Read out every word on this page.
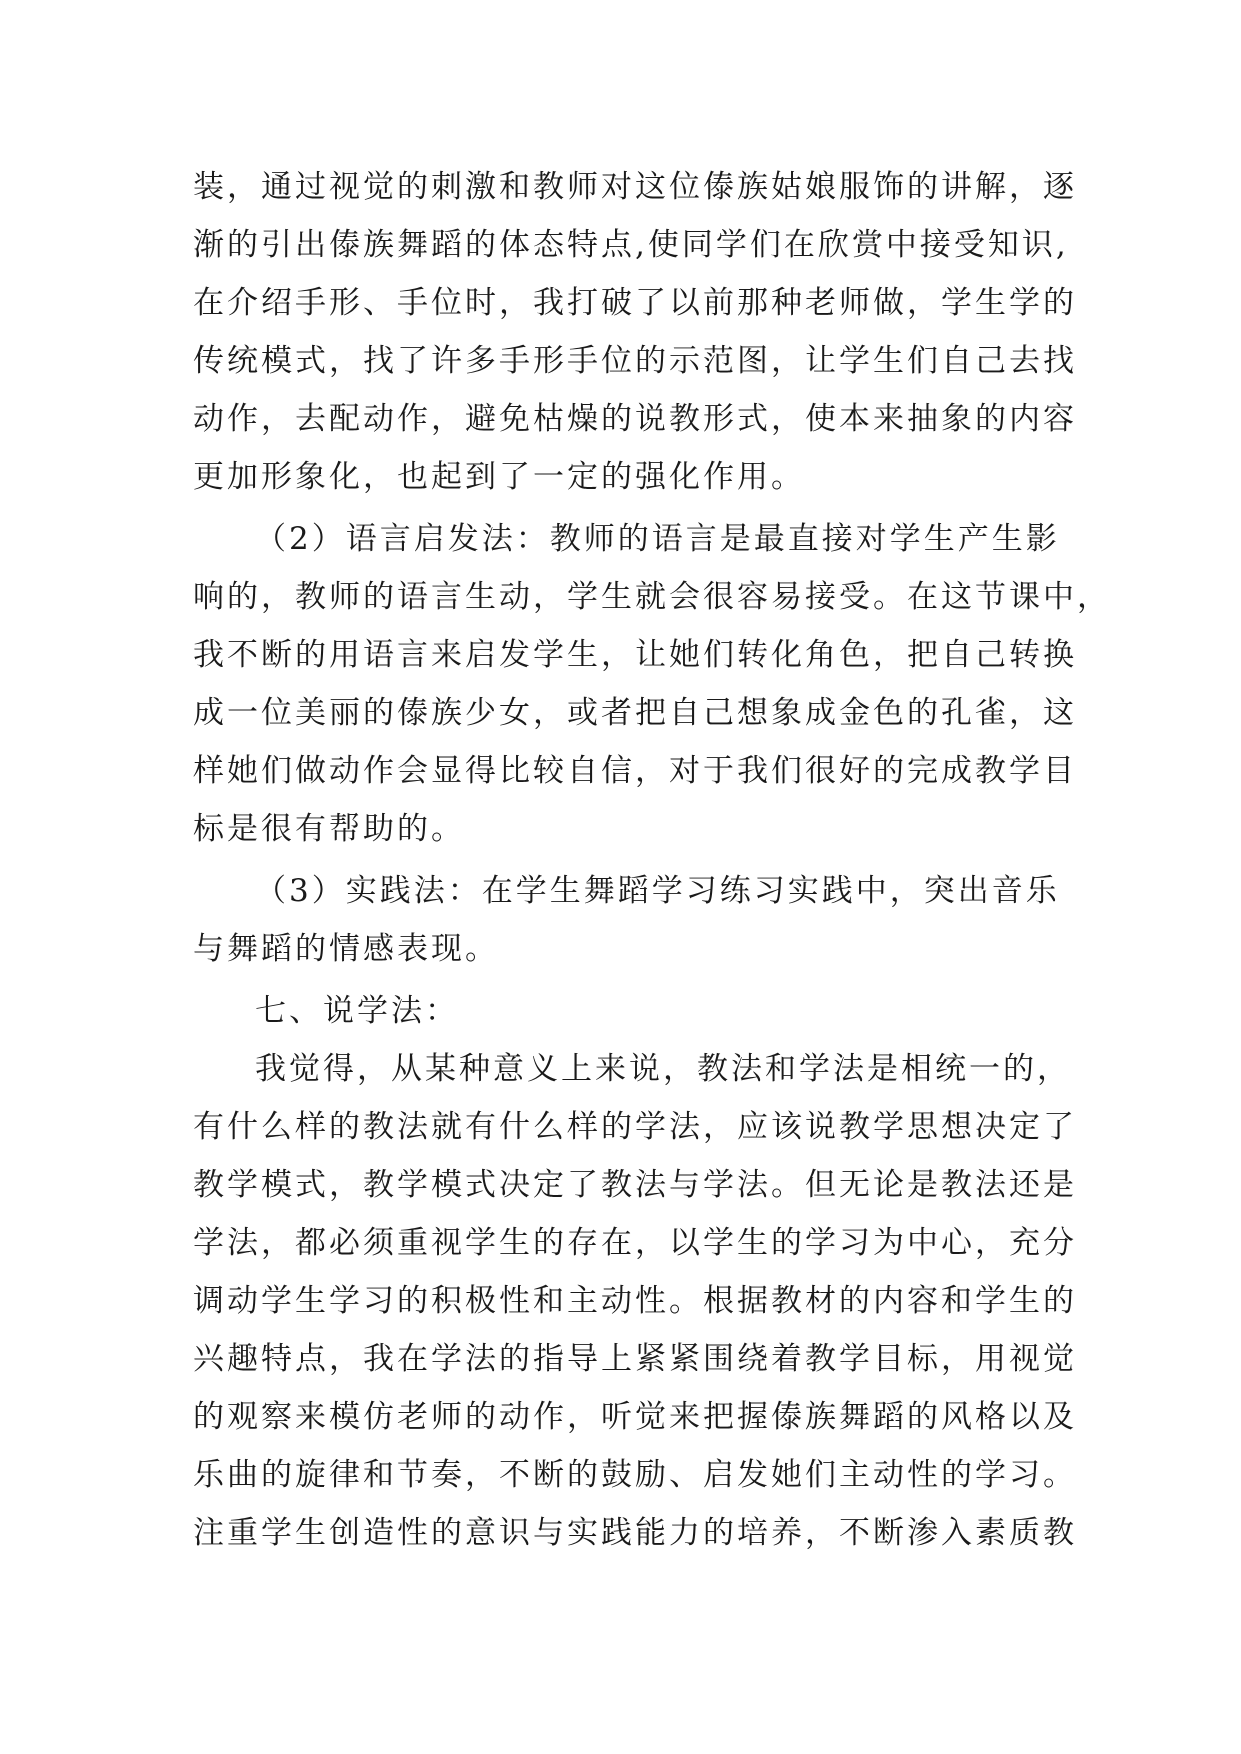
装，通过视觉的刺激和教师对这位傣族姑娘服饰的讲解，逐
渐的引出傣族舞蹈的体态特点,使同学们在欣赏中接受知识,
在介绍手形、手位时，我打破了以前那种老师做，学生学的
传统模式，找了许多手形手位的示范图，让学生们自己去找
动作，去配动作，避免枯燥的说教形式，使本来抽象的内容
更加形象化，也起到了一定的强化作用。
（2）语言启发法：教师的语言是最直接对学生产生影
响的，教师的语言生动，学生就会很容易接受。在这节课中，
我不断的用语言来启发学生，让她们转化角色，把自己转换
成一位美丽的傣族少女，或者把自己想象成金色的孔雀，这
样她们做动作会显得比较自信，对于我们很好的完成教学目
标是很有帮助的。
（3）实践法：在学生舞蹈学习练习实践中，突出音乐
与舞蹈的情感表现。
七、说学法：
我觉得，从某种意义上来说，教法和学法是相统一的，
有什么样的教法就有什么样的学法，应该说教学思想决定了
教学模式，教学模式决定了教法与学法。但无论是教法还是
学法，都必须重视学生的存在，以学生的学习为中心，充分
调动学生学习的积极性和主动性。根据教材的内容和学生的
兴趣特点，我在学法的指导上紧紧围绕着教学目标，用视觉
的观察来模仿老师的动作，听觉来把握傣族舞蹈的风格以及
乐曲的旋律和节奏，不断的鼓励、启发她们主动性的学习。
注重学生创造性的意识与实践能力的培养，不断渗入素质教
